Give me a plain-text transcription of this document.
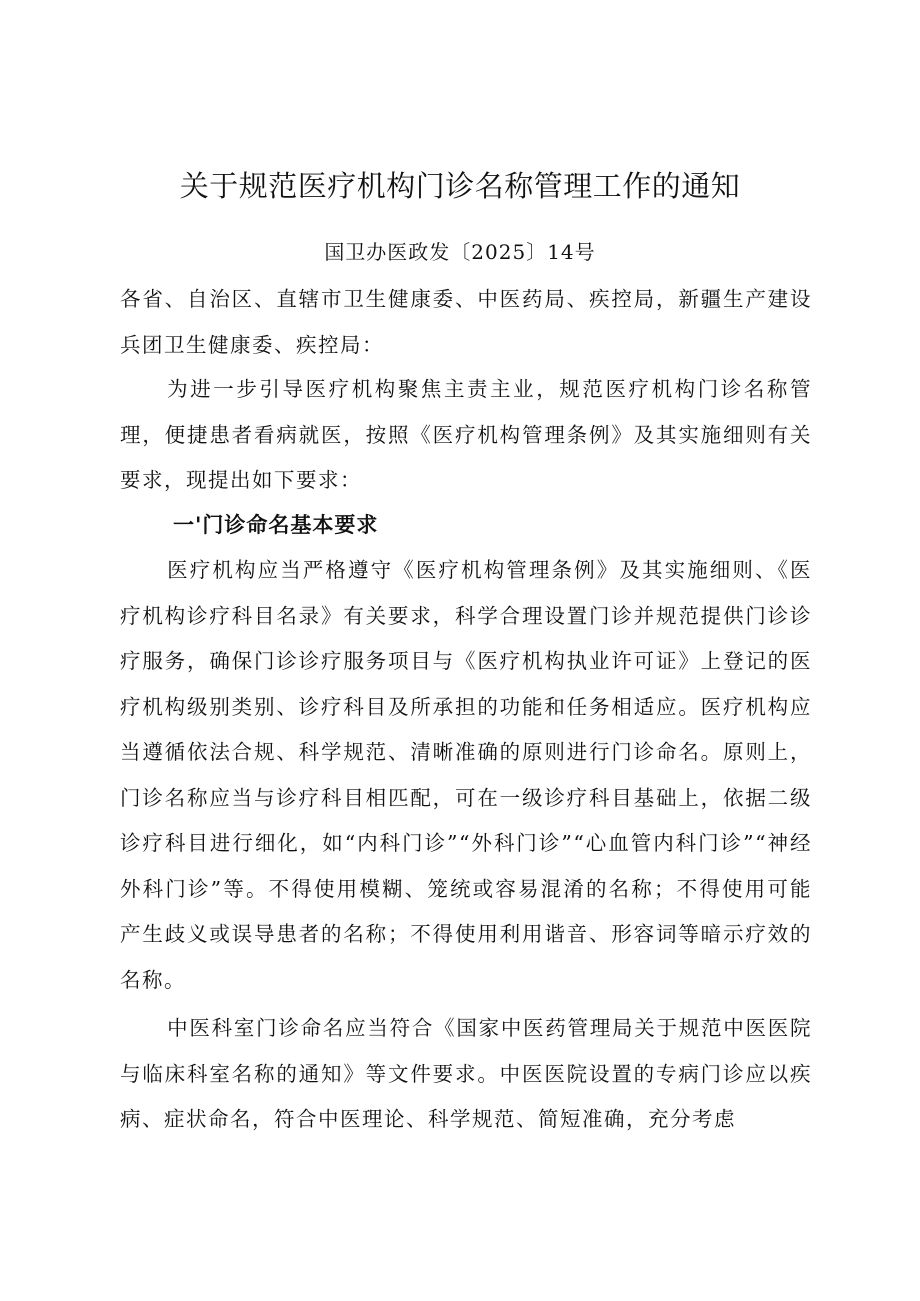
关于规范医疗机构门诊名称管理工作的通知

国卫办医政发〔2025〕14号

各省、自治区、直辖市卫生健康委、中医药局、疾控局，新疆生产建设兵团卫生健康委、疾控局：

为进一步引导医疗机构聚焦主责主业，规范医疗机构门诊名称管理，便捷患者看病就医，按照《医疗机构管理条例》及其实施细则有关要求，现提出如下要求：

一'门诊命名基本要求

医疗机构应当严格遵守《医疗机构管理条例》及其实施细则、《医疗机构诊疗科目名录》有关要求，科学合理设置门诊并规范提供门诊诊疗服务，确保门诊诊疗服务项目与《医疗机构执业许可证》上登记的医疗机构级别类别、诊疗科目及所承担的功能和任务相适应。医疗机构应当遵循依法合规、科学规范、清晰准确的原则进行门诊命名。原则上，门诊名称应当与诊疗科目相匹配，可在一级诊疗科目基础上，依据二级诊疗科目进行细化，如“内科门诊”“外科门诊”“心血管内科门诊”“神经外科门诊”等。不得使用模糊、笼统或容易混淆的名称；不得使用可能产生歧义或误导患者的名称；不得使用利用谐音、形容词等暗示疗效的名称。

中医科室门诊命名应当符合《国家中医药管理局关于规范中医医院与临床科室名称的通知》等文件要求。中医医院设置的专病门诊应以疾病、症状命名，符合中医理论、科学规范、简短准确，充分考虑
